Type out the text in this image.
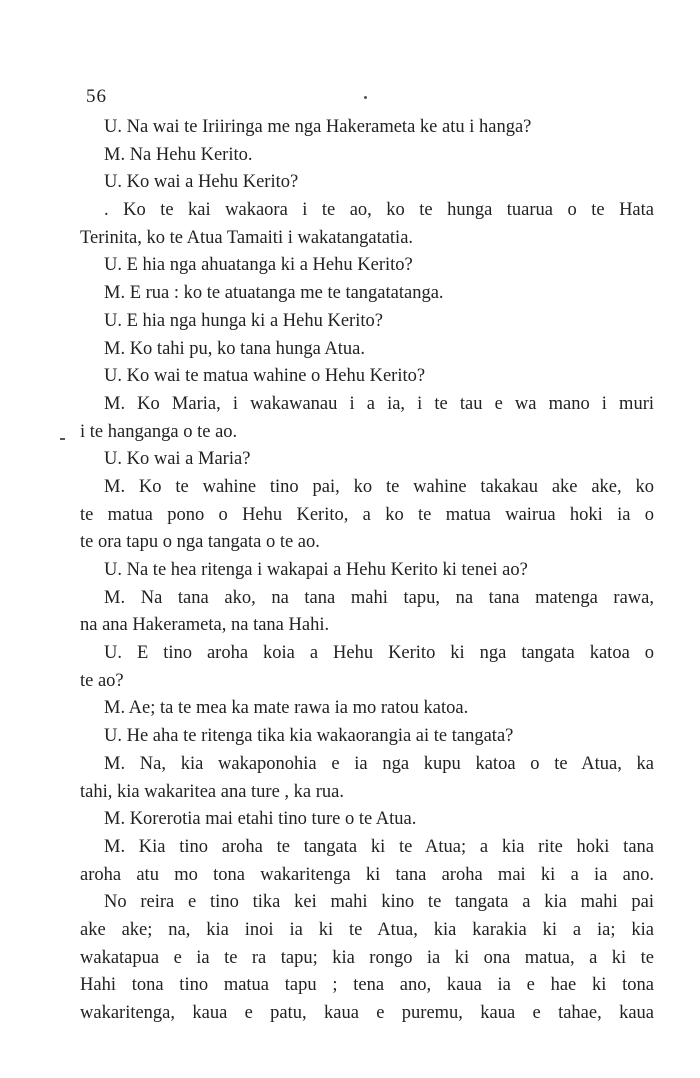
56
U. Na wai te Iriiringa me nga Hakerameta ke atu i hanga?
M. Na Hehu Kerito.
U. Ko wai a Hehu Kerito?
. Ko te kai wakaora i te ao, ko te hunga tuarua o te Hata
Terinita, ko te Atua Tamaiti i wakatangatatia.
U. E hia nga ahuatanga ki a Hehu Kerito?
M. E rua : ko te atuatanga me te tangatatanga.
U. E hia nga hunga ki a Hehu Kerito?
M. Ko tahi pu, ko tana hunga Atua.
U. Ko wai te matua wahine o Hehu Kerito?
M. Ko Maria, i wakawanau i a ia, i te tau e wa mano i muri
i te hanganga o te ao.
U. Ko wai a Maria?
M. Ko te wahine tino pai, ko te wahine takakau ake ake, ko
te matua pono o Hehu Kerito, a ko te matua wairua hoki ia o
te ora tapu o nga tangata o te ao.
U. Na te hea ritenga i wakapai a Hehu Kerito ki tenei ao?
M. Na tana ako, na tana mahi tapu, na tana matenga rawa,
na ana Hakerameta, na tana Hahi.
U. E tino aroha koia a Hehu Kerito ki nga tangata katoa o
te ao?
M. Ae; ta te mea ka mate rawa ia mo ratou katoa.
U. He aha te ritenga tika kia wakaorangia ai te tangata?
M. Na, kia wakaponohia e ia nga kupu katoa o te Atua, ka
tahi, kia wakaritea ana ture , ka rua.
M. Korerotia mai etahi tino ture o te Atua.
M. Kia tino aroha te tangata ki te Atua; a kia rite hoki tana
aroha atu mo tona wakaritenga ki tana aroha mai ki a ia ano.
No reira e tino tika kei mahi kino te tangata a kia mahi pai
ake ake; na, kia inoi ia ki te Atua, kia karakia ki a ia; kia
wakatapua e ia te ra tapu; kia rongo ia ki ona matua, a ki te
Hahi tona tino matua tapu ; tena ano, kaua ia e hae ki tona
wakaritenga, kaua e patu, kaua e puremu, kaua e tahae, kaua
